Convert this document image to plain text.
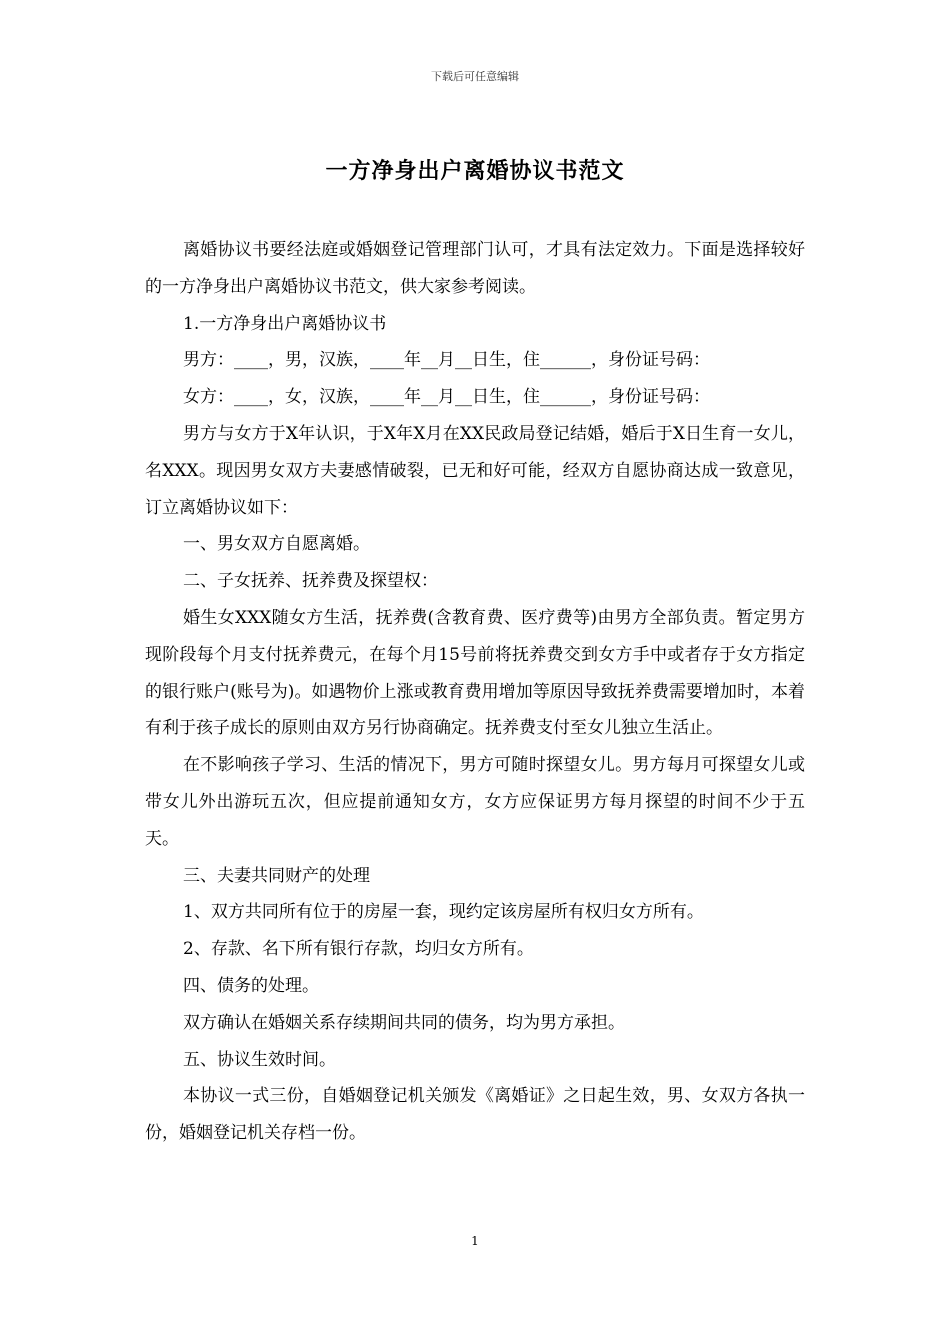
下载后可任意编辑
一方净身出户离婚协议书范文

离婚协议书要经法庭或婚姻登记管理部门认可，才具有法定效力。下面是选择较好的一方净身出户离婚协议书范文，供大家参考阅读。

1.一方净身出户离婚协议书

男方：____，男，汉族，____年__月__日生，住______，身份证号码：

女方：____，女，汉族，____年__月__日生，住______，身份证号码：

男方与女方于X年认识，于X年X月在XX民政局登记结婚，婚后于X日生育一女儿，名XXX。现因男女双方夫妻感情破裂，已无和好可能，经双方自愿协商达成一致意见，订立离婚协议如下：

一、男女双方自愿离婚。

二、子女抚养、抚养费及探望权：

婚生女XXX随女方生活，抚养费(含教育费、医疗费等)由男方全部负责。暂定男方现阶段每个月支付抚养费元，在每个月15号前将抚养费交到女方手中或者存于女方指定的银行账户(账号为)。如遇物价上涨或教育费用增加等原因导致抚养费需要增加时，本着有利于孩子成长的原则由双方另行协商确定。抚养费支付至女儿独立生活止。

在不影响孩子学习、生活的情况下，男方可随时探望女儿。男方每月可探望女儿或带女儿外出游玩五次，但应提前通知女方，女方应保证男方每月探望的时间不少于五天。

三、夫妻共同财产的处理

1、双方共同所有位于的房屋一套，现约定该房屋所有权归女方所有。

2、存款、名下所有银行存款，均归女方所有。

四、债务的处理。

双方确认在婚姻关系存续期间共同的债务，均为男方承担。

五、协议生效时间。

本协议一式三份，自婚姻登记机关颁发《离婚证》之日起生效，男、女双方各执一份，婚姻登记机关存档一份。

1
